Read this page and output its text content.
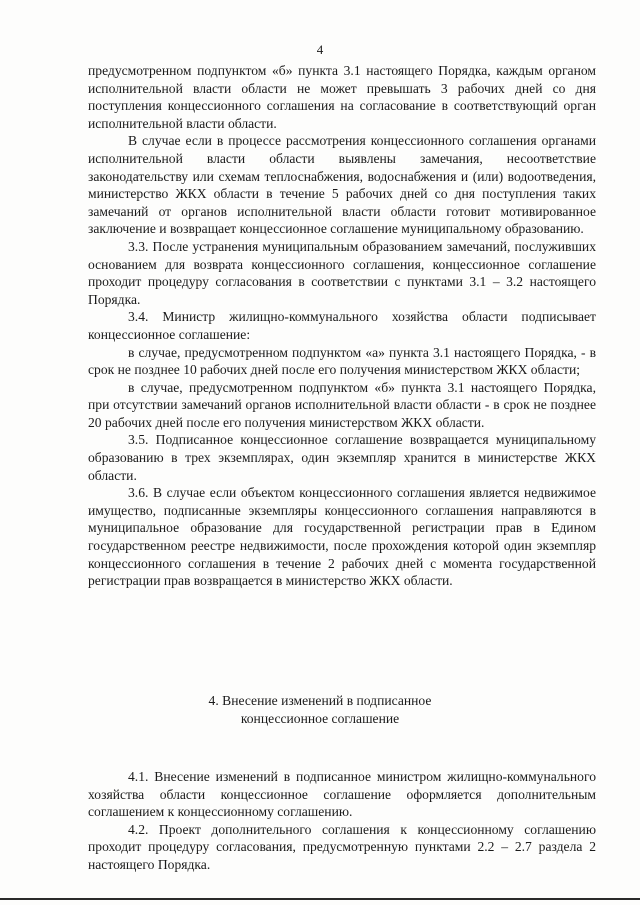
4

предусмотренном подпунктом «б» пункта 3.1 настоящего Порядка, каждым органом исполнительной власти области не может превышать 3 рабочих дней со дня поступления концессионного соглашения на согласование в соответствующий орган исполнительной власти области.

В случае если в процессе рассмотрения концессионного соглашения органами исполнительной власти области выявлены замечания, несоответствие законодательству или схемам теплоснабжения, водоснабжения и (или) водоотведения, министерство ЖКХ области в течение 5 рабочих дней со дня поступления таких замечаний от органов исполнительной власти области готовит мотивированное заключение и возвращает концессионное соглашение муниципальному образованию.

3.3. После устранения муниципальным образованием замечаний, послуживших основанием для возврата концессионного соглашения, концессионное соглашение проходит процедуру согласования в соответствии с пунктами 3.1 – 3.2 настоящего Порядка.

3.4. Министр жилищно-коммунального хозяйства области подписывает концессионное соглашение:

в случае, предусмотренном подпунктом «а» пункта 3.1 настоящего Порядка, - в срок не позднее 10 рабочих дней после его получения министерством ЖКХ области;

в случае, предусмотренном подпунктом «б» пункта 3.1 настоящего Порядка, при отсутствии замечаний органов исполнительной власти области - в срок не позднее 20 рабочих дней после его получения министерством ЖКХ области.

3.5. Подписанное концессионное соглашение возвращается муниципальному образованию в трех экземплярах, один экземпляр хранится в министерстве ЖКХ области.

3.6. В случае если объектом концессионного соглашения является недвижимое имущество, подписанные экземпляры концессионного соглашения направляются в муниципальное образование для государственной регистрации прав в Едином государственном реестре недвижимости, после прохождения которой один экземпляр концессионного соглашения в течение 2 рабочих дней с момента государственной регистрации прав возвращается в министерство ЖКХ области.

4. Внесение изменений в подписанное
концессионное соглашение

4.1. Внесение изменений в подписанное министром жилищно-коммунального хозяйства области концессионное соглашение оформляется дополнительным соглашением к концессионному соглашению.

4.2. Проект дополнительного соглашения к концессионному соглашению проходит процедуру согласования, предусмотренную пунктами 2.2 – 2.7 раздела 2 настоящего Порядка.
